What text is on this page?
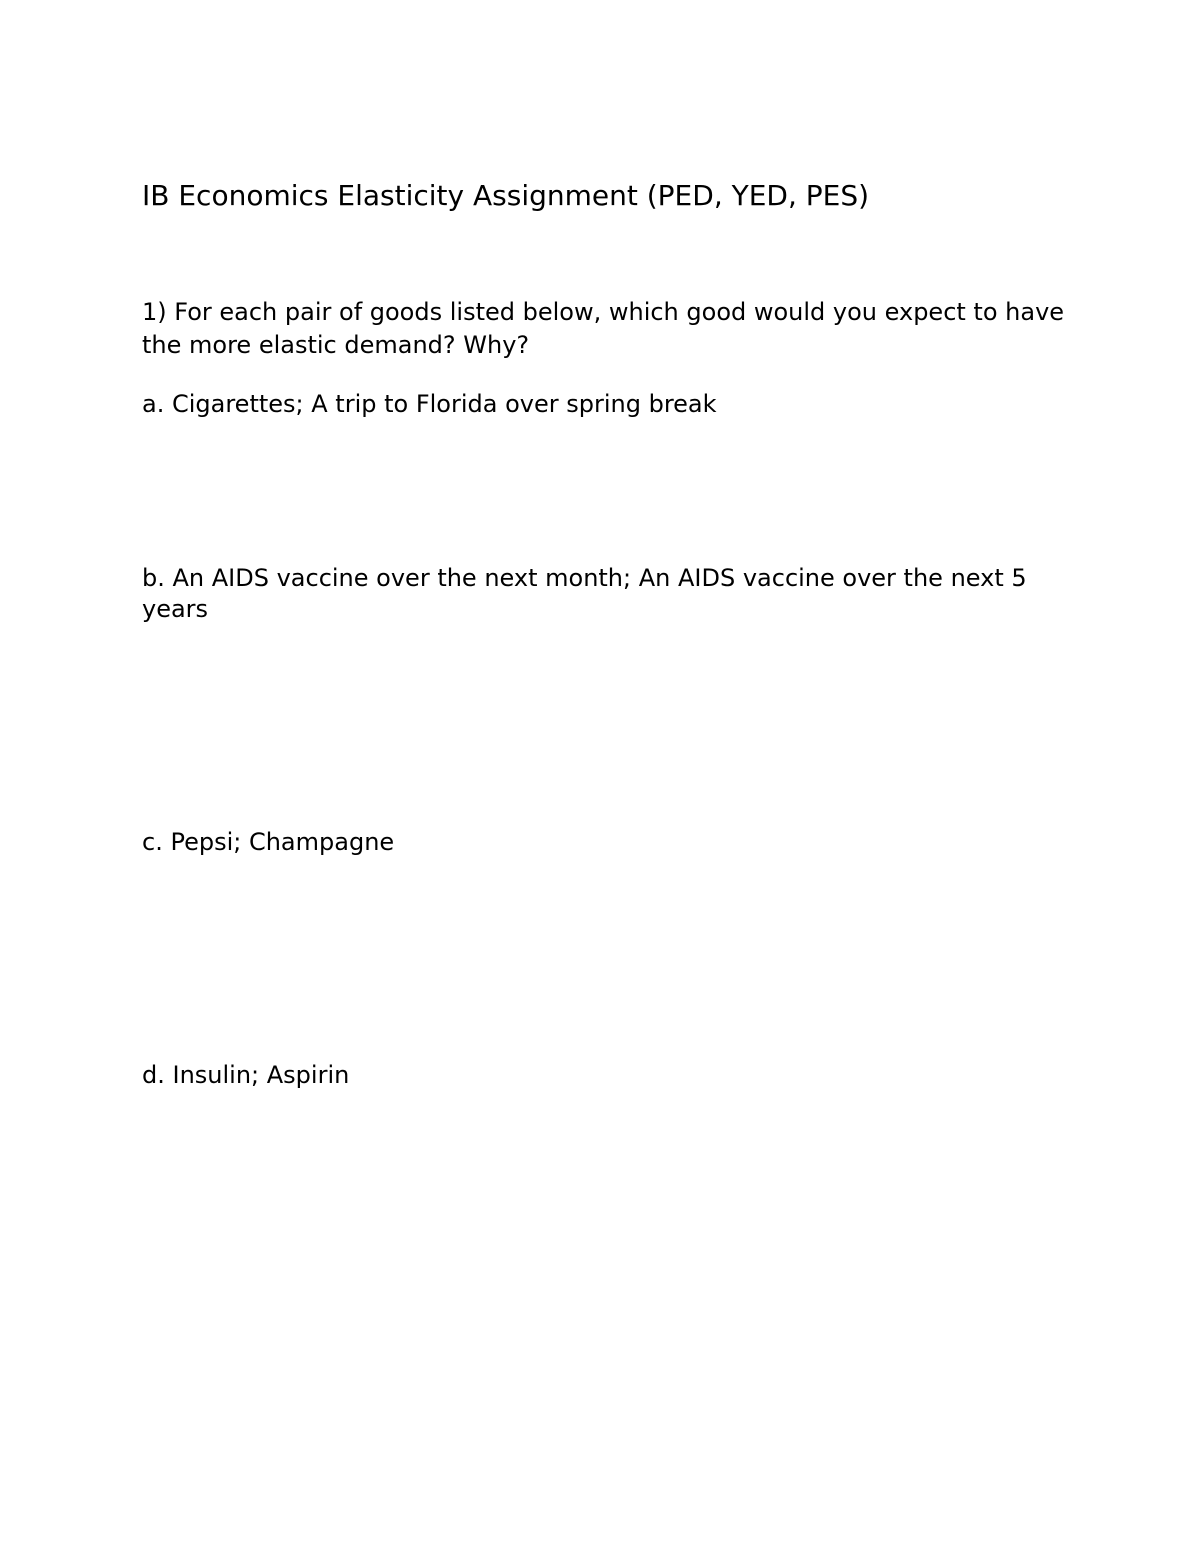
IB Economics Elasticity Assignment (PED, YED, PES)

1) For each pair of goods listed below, which good would you expect to have the more elastic demand? Why?

a. Cigarettes; A trip to Florida over spring break

b. An AIDS vaccine over the next month; An AIDS vaccine over the next 5 years

c. Pepsi; Champagne

d. Insulin; Aspirin
